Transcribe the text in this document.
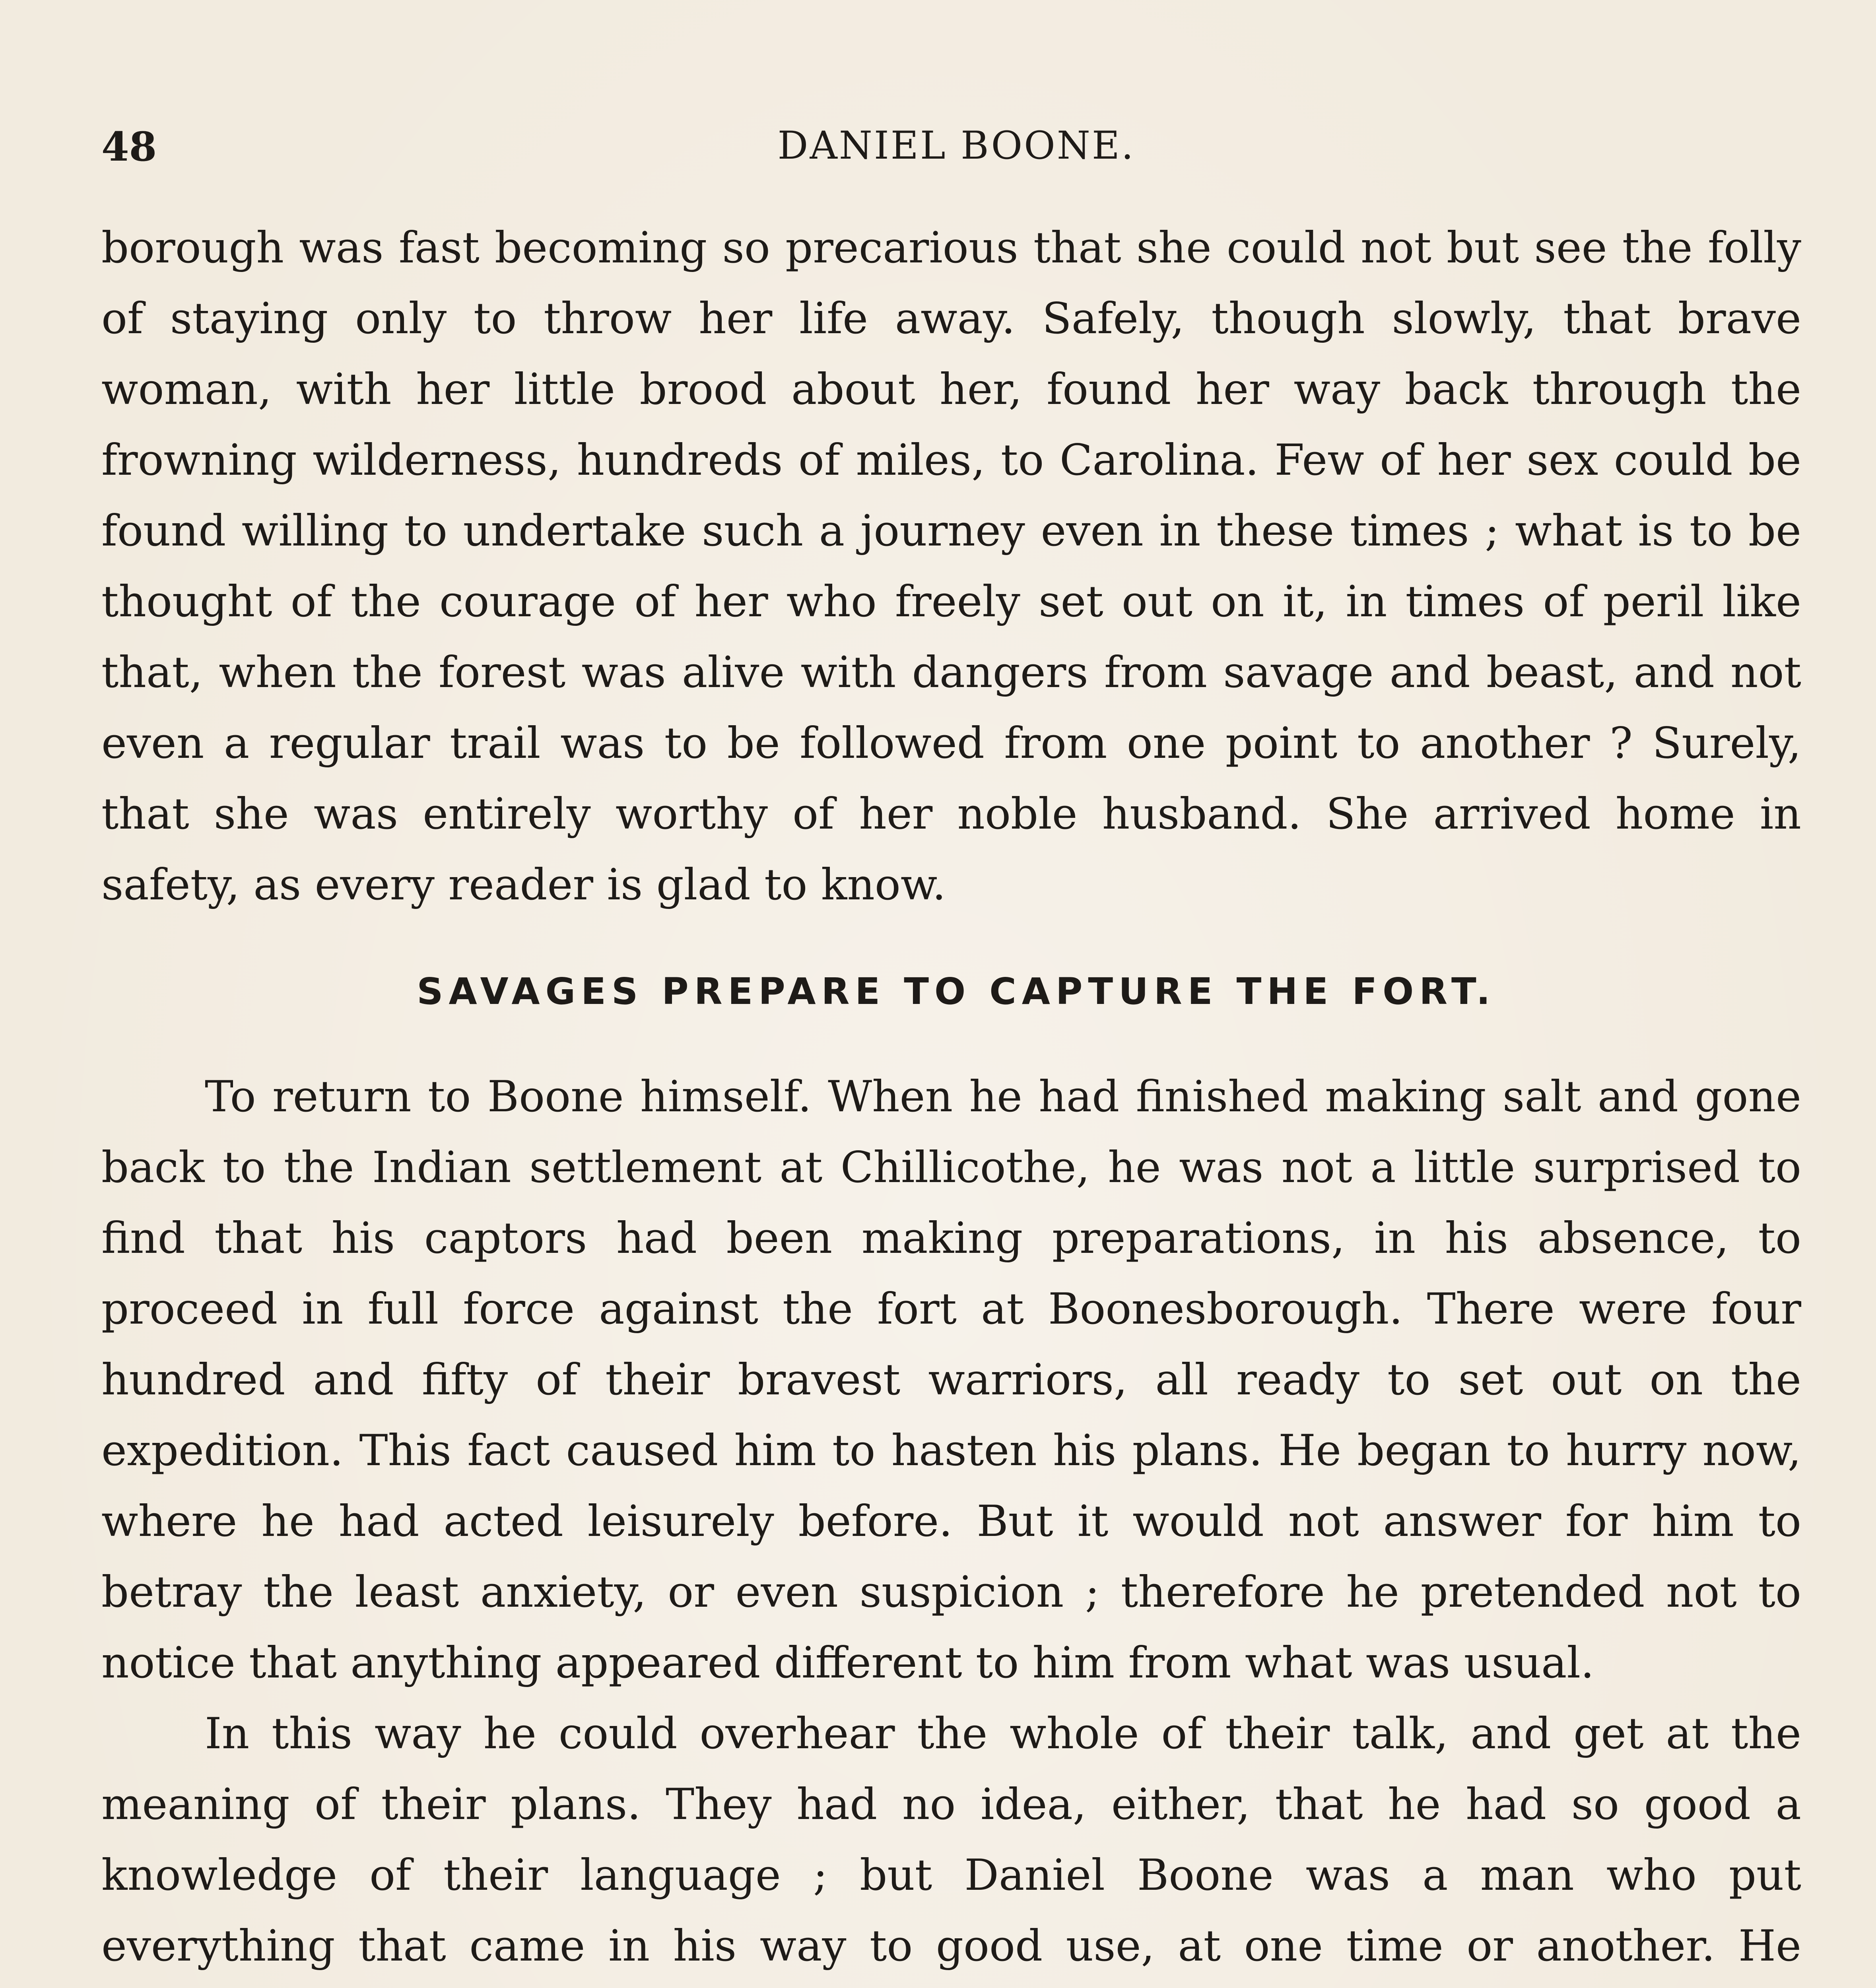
48	DANIEL BOONE.

borough was fast becoming so precarious that she could not but see the folly of staying only to throw her life away. Safely, though slowly, that brave woman, with her little brood about her, found her way back through the frowning wilderness, hundreds of miles, to Carolina. Few of her sex could be found willing to undertake such a journey even in these times ; what is to be thought of the courage of her who freely set out on it, in times of peril like that, when the forest was alive with dangers from savage and beast, and not even a regular trail was to be followed from one point to another ? Surely, that she was entirely worthy of her noble husband. She arrived home in safety, as every reader is glad to know.

SAVAGES PREPARE TO CAPTURE THE FORT.

To return to Boone himself. When he had finished making salt and gone back to the Indian settlement at Chillicothe, he was not a little surprised to find that his captors had been making preparations, in his absence, to proceed in full force against the fort at Boonesborough. There were four hundred and fifty of their bravest warriors, all ready to set out on the expedition. This fact caused him to hasten his plans. He began to hurry now, where he had acted leisurely before. But it would not answer for him to betray the least anxiety, or even suspicion ; therefore he pretended not to notice that anything appeared different to him from what was usual.

In this way he could overhear the whole of their talk, and get at the meaning of their plans. They had no idea, either, that he had so good a knowledge of their language ; but Daniel Boone was a man who put everything that came in his way to good use, at one time or another. He
